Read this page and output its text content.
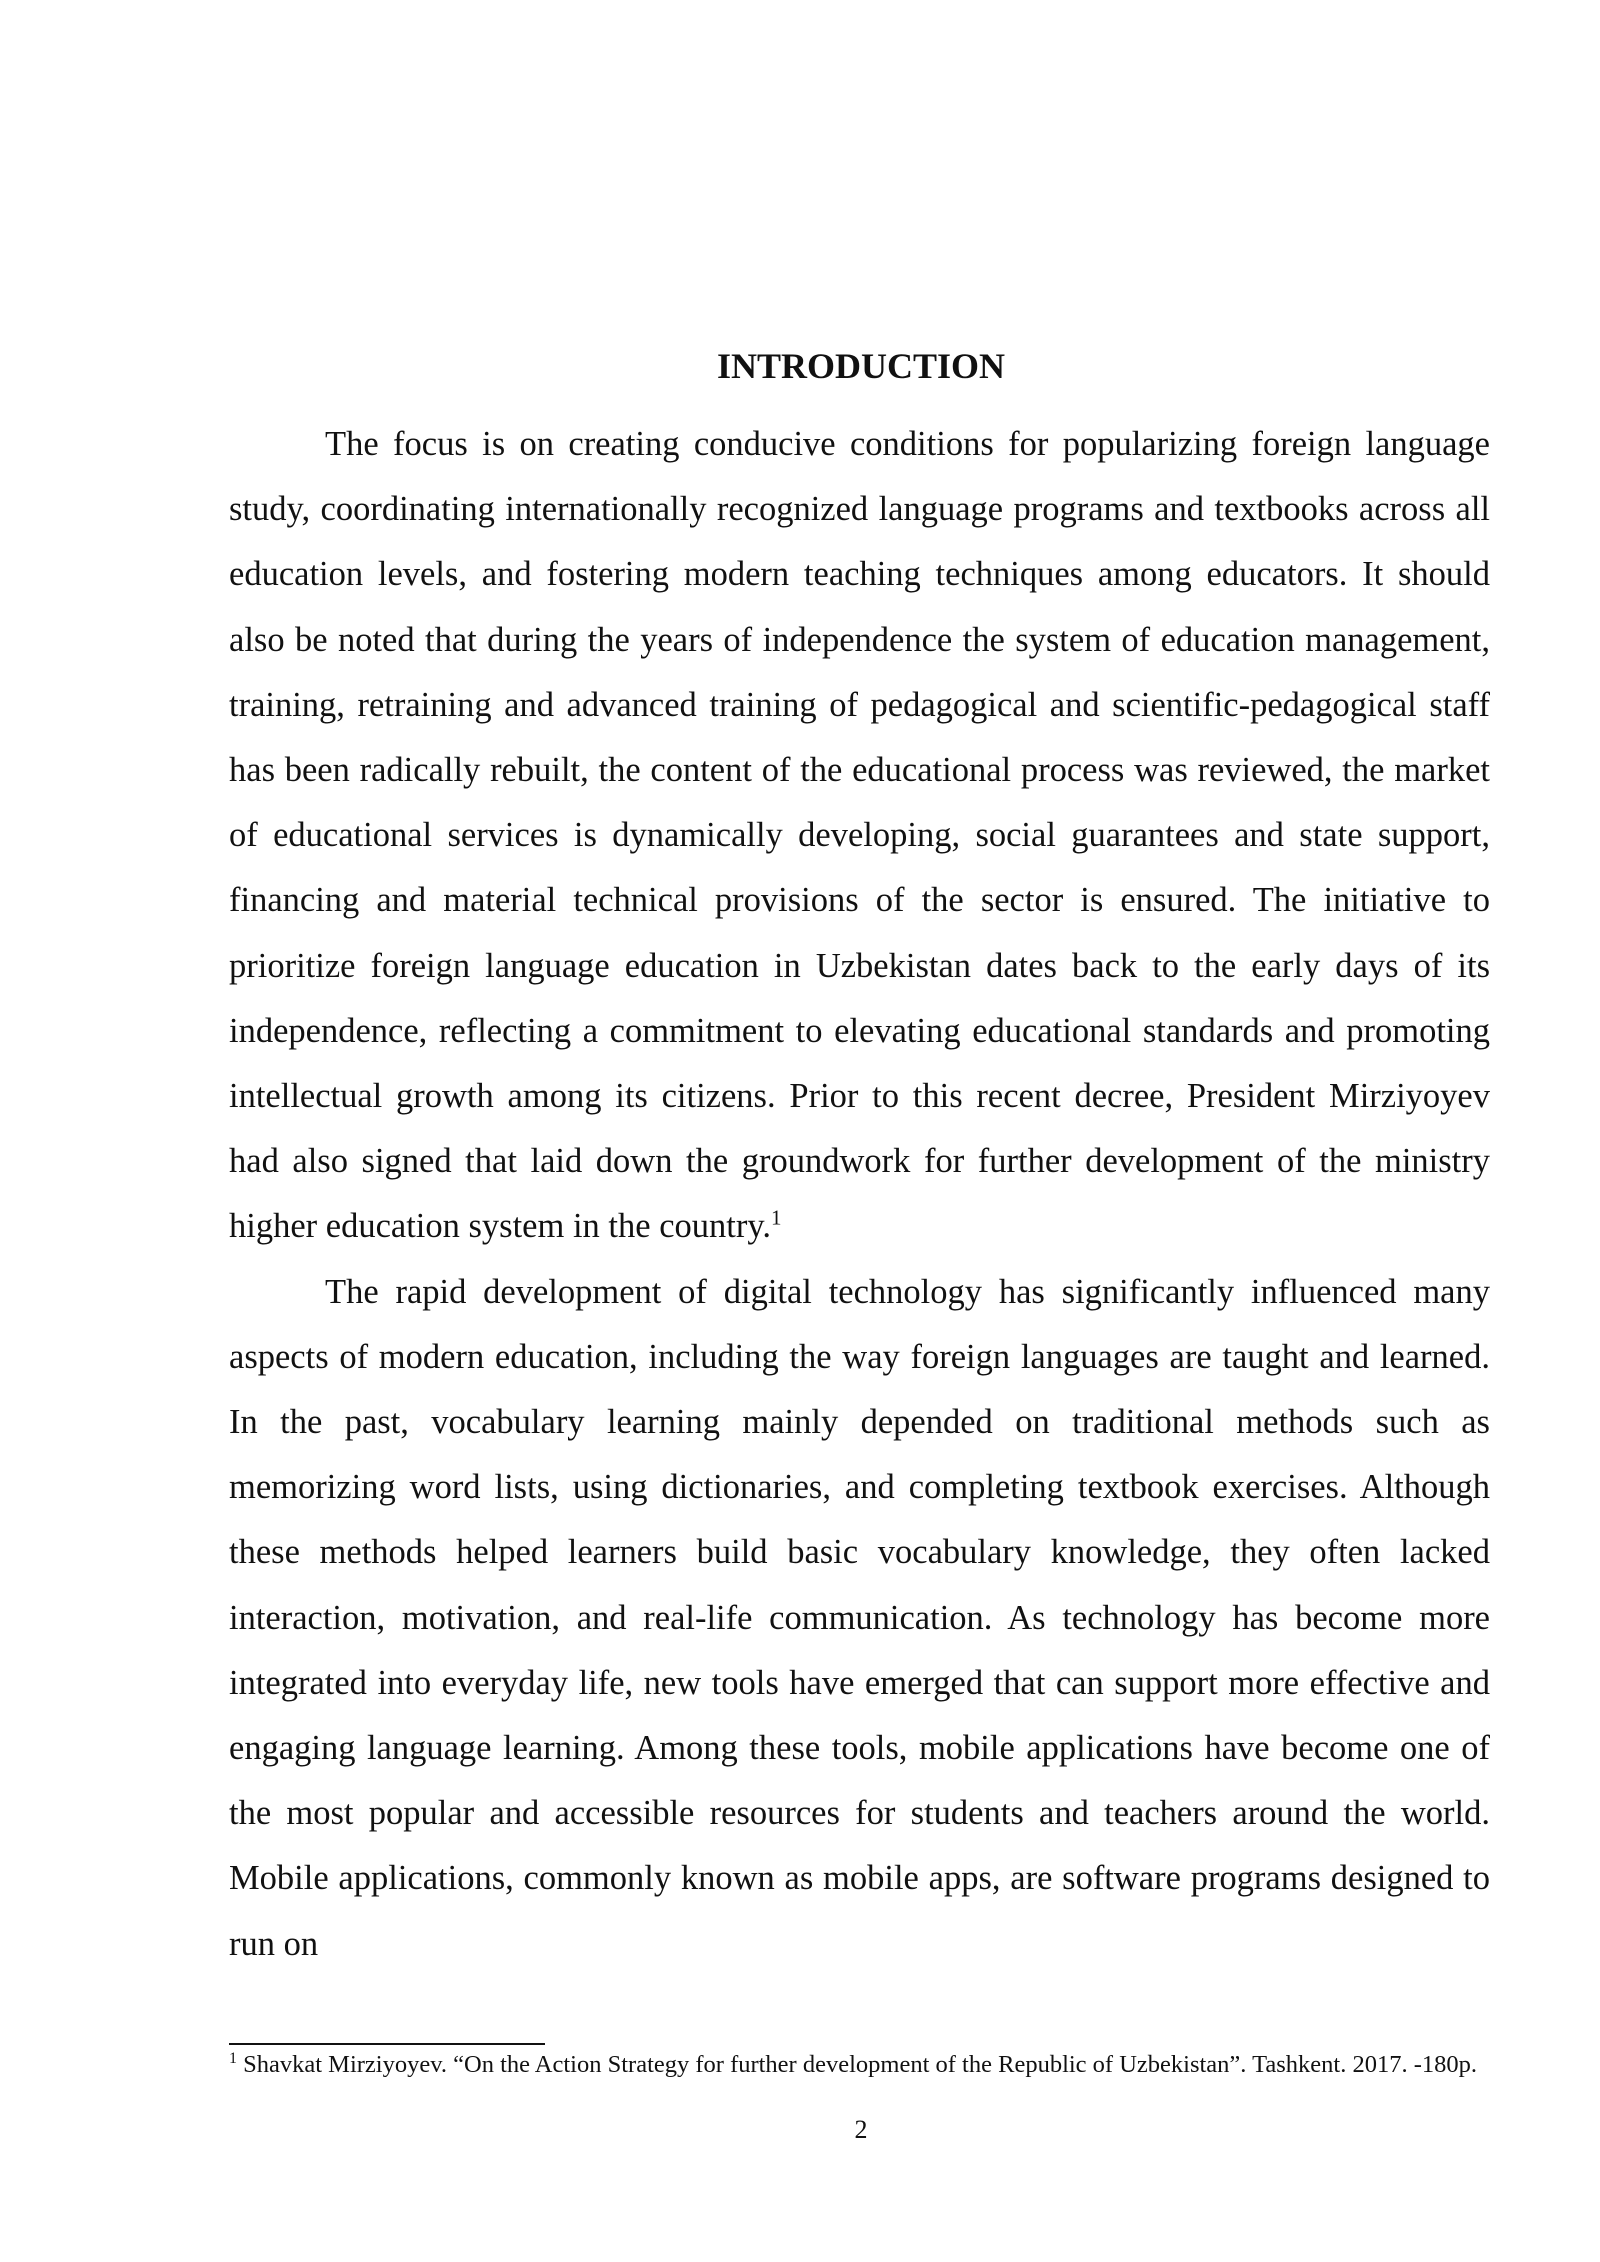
INTRODUCTION

The focus is on creating conducive conditions for popularizing foreign language study, coordinating internationally recognized language programs and textbooks across all education levels, and fostering modern teaching techniques among educators. It should also be noted that during the years of independence the system of education management, training, retraining and advanced training of pedagogical and scientific-pedagogical staff has been radically rebuilt, the content of the educational process was reviewed, the market of educational services is dynamically developing, social guarantees and state support, financing and material technical provisions of the sector is ensured. The initiative to prioritize foreign language education in Uzbekistan dates back to the early days of its independence, reflecting a commitment to elevating educational standards and promoting intellectual growth among its citizens. Prior to this recent decree, President Mirziyoyev had also signed that laid down the groundwork for further development of the ministry higher education system in the country.$^1$

The rapid development of digital technology has significantly influenced many aspects of modern education, including the way foreign languages are taught and learned. In the past, vocabulary learning mainly depended on traditional methods such as memorizing word lists, using dictionaries, and completing textbook exercises. Although these methods helped learners build basic vocabulary knowledge, they often lacked interaction, motivation, and real-life communication. As technology has become more integrated into everyday life, new tools have emerged that can support more effective and engaging language learning. Among these tools, mobile applications have become one of the most popular and accessible resources for students and teachers around the world. Mobile applications, commonly known as mobile apps, are software programs designed to run on

$^1$ Shavkat Mirziyoyev. “On the Action Strategy for further development of the Republic of Uzbekistan”. Tashkent. 2017. -180p.

2
